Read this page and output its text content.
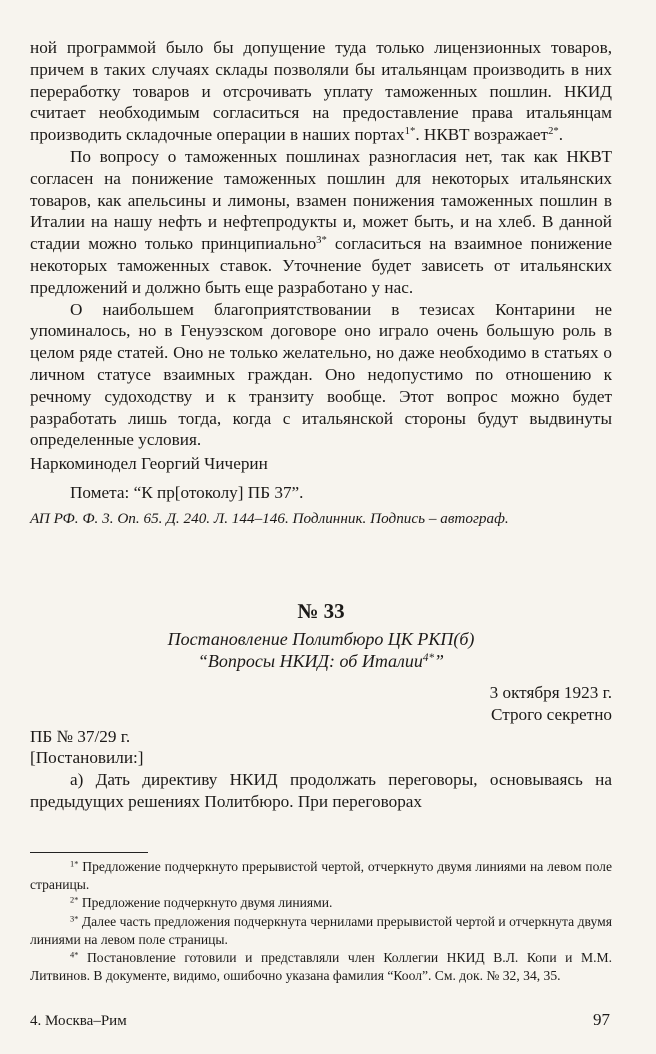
ной программой было бы допущение туда только лицензионных товаров, причем в таких случаях склады позволяли бы итальянцам производить в них переработку товаров и отсрочивать уплату таможенных пошлин. НКИД считает необходимым согласиться на предоставление права итальянцам производить складочные операции в наших портах$^{1*}$. НКВТ возражает$^{2*}$.

По вопросу о таможенных пошлинах разногласия нет, так как НКВТ согласен на понижение таможенных пошлин для некоторых итальянских товаров, как апельсины и лимоны, взамен понижения таможенных пошлин в Италии на нашу нефть и нефтепродукты и, может быть, и на хлеб. В данной стадии можно только принципиально$^{3*}$ согласиться на взаимное понижение некоторых таможенных ставок. Уточнение будет зависеть от итальянских предложений и должно быть еще разработано у нас.

О наибольшем благоприятствовании в тезисах Контарини не упоминалось, но в Генуэзском договоре оно играло очень большую роль в целом ряде статей. Оно не только желательно, но даже необходимо в статьях о личном статусе взаимных граждан. Оно недопустимо по отношению к речному судоходству и к транзиту вообще. Этот вопрос можно будет разработать лишь тогда, когда с итальянской стороны будут выдвинуты определенные условия.

Наркоминодел Георгий Чичерин

Помета: “К пр[отоколу] ПБ 37”.

АП РФ. Ф. 3. Оп. 65. Д. 240. Л. 144–146. Подлинник. Подпись – автограф.

№ 33
Постановление Политбюро ЦК РКП(б)
“Вопросы НКИД: об Италии$^{4*}$”

3 октября 1923 г.

Строго секретно

ПБ № 37/29 г.

[Постановили:]

а) Дать директиву НКИД продолжать переговоры, основываясь на предыдущих решениях Политбюро. При переговорах

$^{1*}$ Предложение подчеркнуто прерывистой чертой, отчеркнуто двумя линиями на левом поле страницы.

$^{2*}$ Предложение подчеркнуто двумя линиями.

$^{3*}$ Далее часть предложения подчеркнута чернилами прерывистой чертой и отчеркнута двумя линиями на левом поле страницы.

$^{4*}$ Постановление готовили и представляли член Коллегии НКИД В.Л. Копи и М.М. Литвинов. В документе, видимо, ошибочно указана фамилия “Коол”. См. док. № 32, 34, 35.

4. Москва–Рим	97
